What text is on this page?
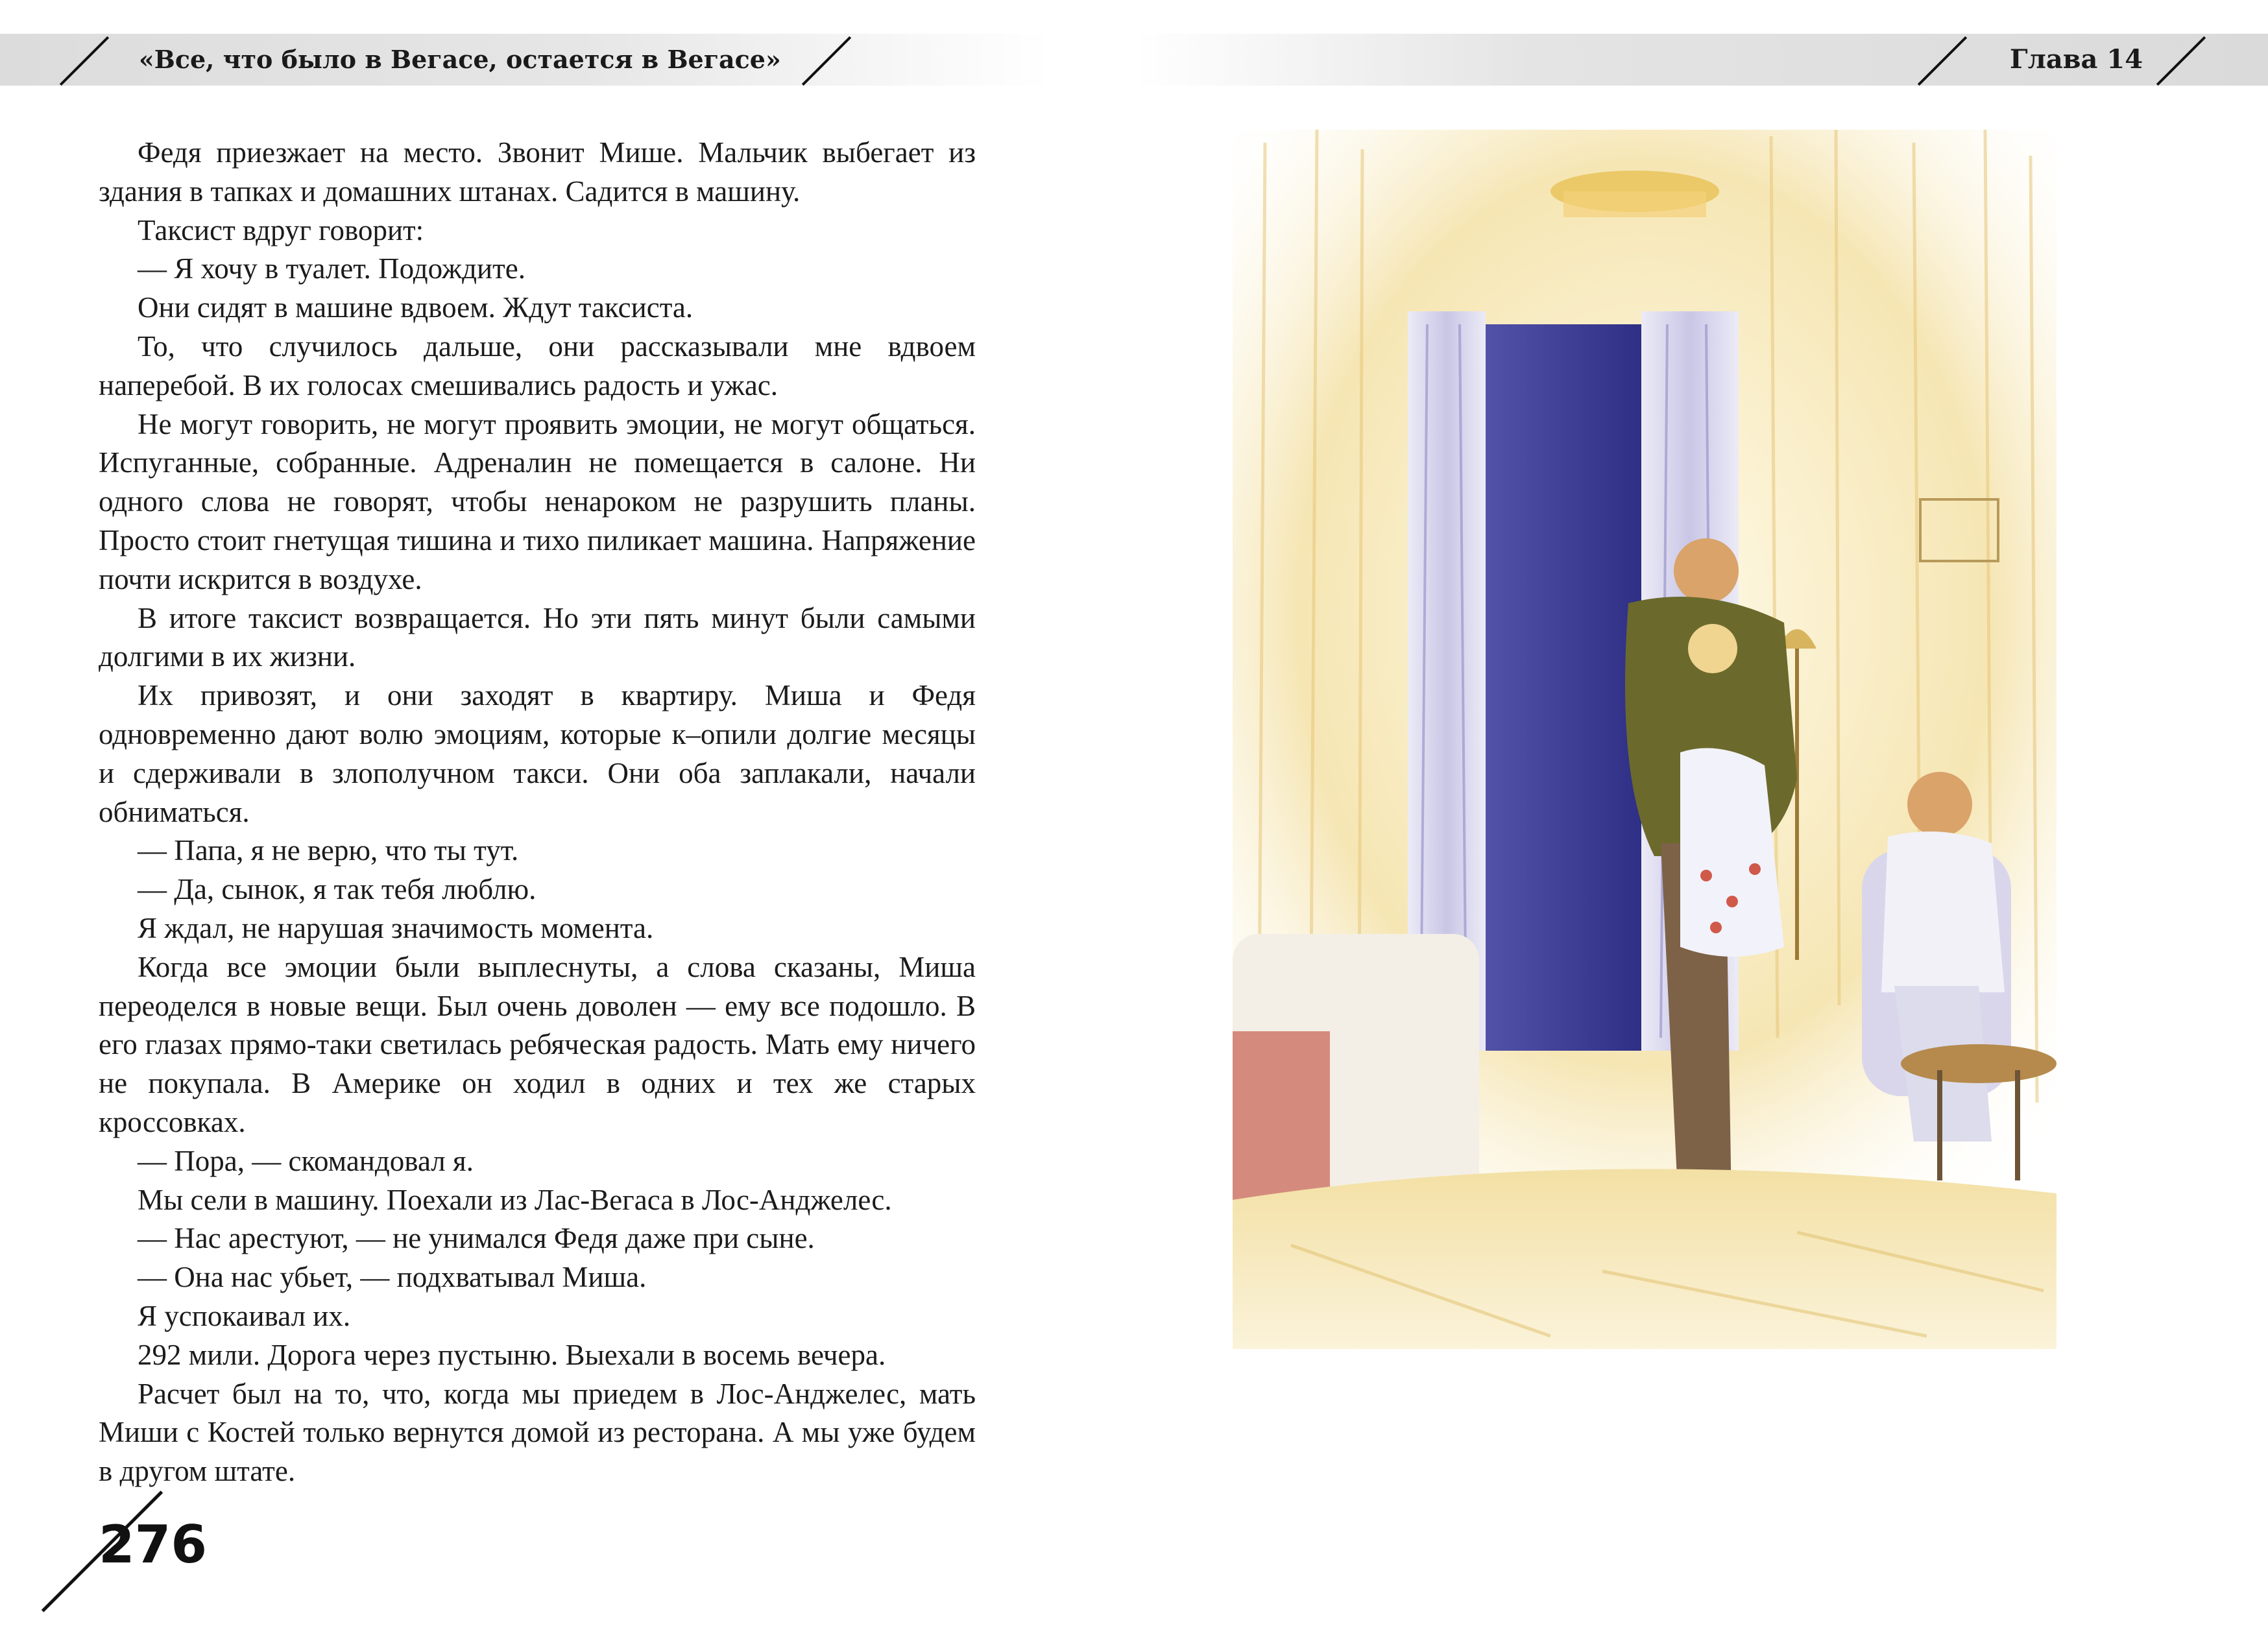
«Все, что было в Вегасе, остается в Вегасе»

Федя приезжает на место. Звонит Мише. Мальчик выбегает из здания в тапках и домашних штанах. Садится в машину.

Таксист вдруг говорит:

— Я хочу в туалет. Подождите.

Они сидят в машине вдвоем. Ждут таксиста.

То, что случилось дальше, они рассказывали мне вдвоем наперебой. В их голосах смешивались радость и ужас.

Не могут говорить, не могут проявить эмоции, не могут общаться. Испуганные, собранные. Адреналин не помещается в салоне. Ни одного слова не говорят, чтобы ненароком не разрушить планы. Просто стоит гнетущая тишина и тихо пиликает машина. Напряжение почти искрится в воздухе.

В итоге таксист возвращается. Но эти пять минут были самыми долгими в их жизни.

Их привозят, и они заходят в квартиру. Миша и Федя одновременно дают волю эмоциям, которые к–опили долгие месяцы и сдерживали в злополучном такси. Они оба заплакали, начали обниматься.

— Папа, я не верю, что ты тут.

— Да, сынок, я так тебя люблю.

Я ждал, не нарушая значимость момента.

Когда все эмоции были выплеснуты, а слова сказаны, Миша переоделся в новые вещи. Был очень доволен — ему все подошло. В его глазах прямо-таки светилась ребяческая радость. Мать ему ничего не покупала. В Америке он ходил в одних и тех же старых кроссовках.

— Пора, — скомандовал я.

Мы сели в машину. Поехали из Лас-Вегаса в Лос-Анджелес.

— Нас арестуют, — не унимался Федя даже при сыне.

— Она нас убьет, — подхватывал Миша.

Я успокаивал их.

292 мили. Дорога через пустыню. Выехали в восемь вечера.

Расчет был на то, что, когда мы приедем в Лос-Анджелес, мать Миши с Костей только вернутся домой из ресторана. А мы уже будем в другом штате.

276
Глава 14
